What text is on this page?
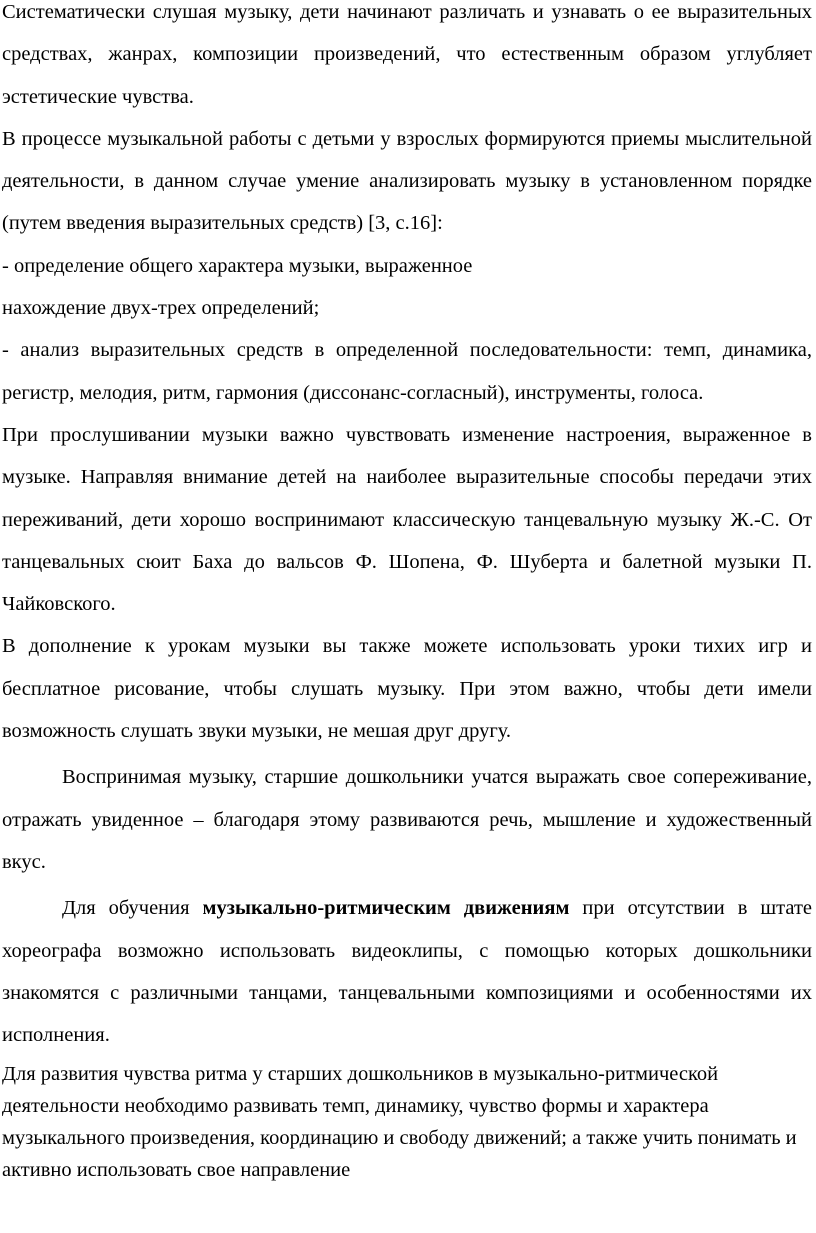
Систематически слушая музыку, дети начинают различать и узнавать о ее выразительных средствах, жанрах, композиции произведений, что естественным образом углубляет эстетические чувства.

В процессе музыкальной работы с детьми у взрослых формируются приемы мыслительной деятельности, в данном случае умение анализировать музыку в установленном порядке (путем введения выразительных средств) [3, с.16]:

- определение общего характера музыки, выраженное
нахождение двух-трех определений;

- анализ выразительных средств в определенной последовательности: темп, динамика, регистр, мелодия, ритм, гармония (диссонанс-согласный), инструменты, голоса.

При прослушивании музыки важно чувствовать изменение настроения, выраженное в музыке. Направляя внимание детей на наиболее выразительные способы передачи этих переживаний, дети хорошо воспринимают классическую танцевальную музыку Ж.-С. От танцевальных сюит Баха до вальсов Ф. Шопена, Ф. Шуберта и балетной музыки П. Чайковского.

В дополнение к урокам музыки вы также можете использовать уроки тихих игр и бесплатное рисование, чтобы слушать музыку. При этом важно, чтобы дети имели возможность слушать звуки музыки, не мешая друг другу.

Воспринимая музыку, старшие дошкольники учатся выражать свое сопереживание, отражать увиденное – благодаря этому развиваются речь, мышление и художественный вкус.

Для обучения музыкально-ритмическим движениям при отсутствии в штате хореографа возможно использовать видеоклипы, с помощью которых дошкольники знакомятся с различными танцами, танцевальными композициями и особенностями их исполнения.

Для развития чувства ритма у старших дошкольников в музыкально-ритмической деятельности необходимо развивать темп, динамику, чувство формы и характера музыкального произведения, координацию и свободу движений; а также учить понимать и активно использовать свое направление
